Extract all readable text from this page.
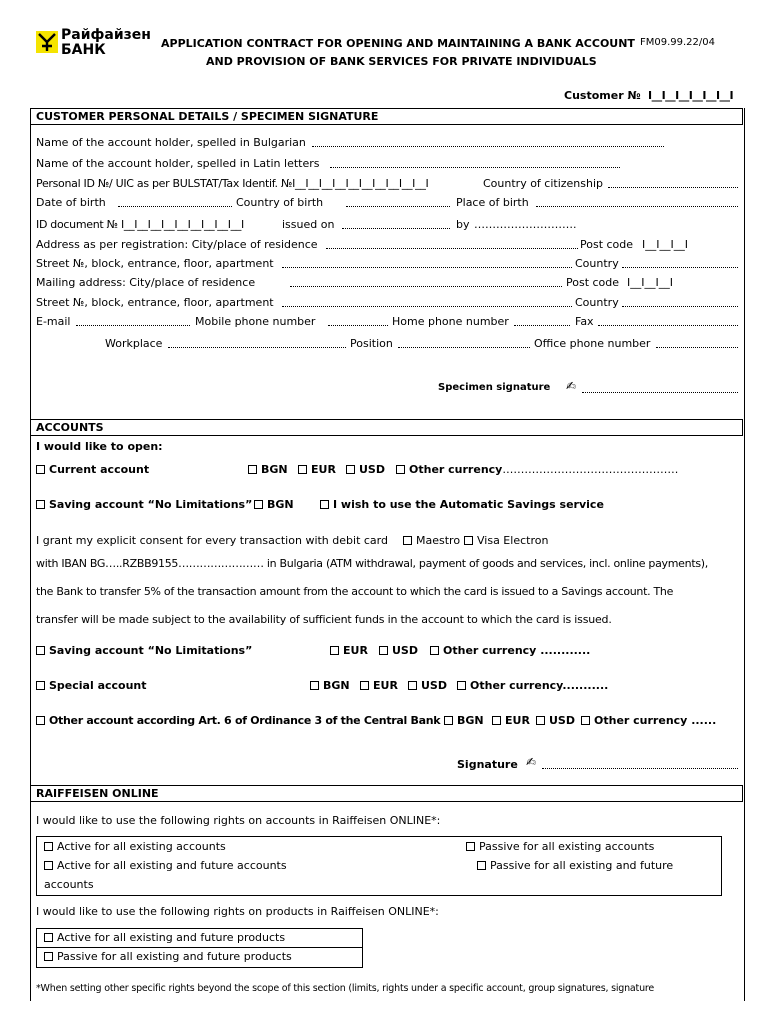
Райфайзен
БАНК	APPLICATION CONTRACT FOR OPENING AND MAINTAINING A BANK ACCOUNT FM09.99.22/04
AND PROVISION OF BANK SERVICES FOR PRIVATE INDIVIDUALS
Customer № I__I__I__I__I__I__I
CUSTOMER PERSONAL DETAILS / SPECIMEN SIGNATURE
Name of the account holder, spelled in Bulgarian
Name of the account holder, spelled in Latin letters
Personal ID №/ UIC as per BULSTAT/Tax Identif. №I__I__I__I__I__I__I__I__I__I__I	Country of citizenship
Date of birth	Country of birth	Place of birth
ID document № I__I__I__I__I__I__I__I__I__I	issued on	by ……………………….
Address as per registration: City/place of residence	Post code I__I__I__I
Street №, block, entrance, floor, apartment	Country
Mailing address: City/place of residence	Post code I__I__I__I
Street №, block, entrance, floor, apartment	Country
E-mail	Mobile phone number	Home phone number	Fax
Workplace	Position	Office phone number
Specimen signature ✍
ACCOUNTS
I would like to open:
Current account	BGN	EUR	USD	Other currency…………………………………………
Saving account “No Limitations”	BGN	I wish to use the Automatic Savings service
I grant my explicit consent for every transaction with debit card	Maestro	Visa Electron
with IBAN BG…..RZBB9155…………………… in Bulgaria (ATM withdrawal, payment of goods and services, incl. online payments),
the Bank to transfer 5% of the transaction amount from the account to which the card is issued to a Savings account. The
transfer will be made subject to the availability of sufficient funds in the account to which the card is issued.
Saving account “No Limitations”	EUR	USD	Other currency ............
Special account	BGN	EUR	USD	Other currency...........
Other account according Art. 6 of Ordinance 3 of the Central Bank	BGN	EUR	USD	Other currency ......
Signature ✍
RAIFFEISEN ONLINE
I would like to use the following rights on accounts in Raiffeisen ONLINE*:
Active for all existing accounts	Passive for all existing accounts
Active for all existing and future accounts	Passive for all existing and future
accounts
I would like to use the following rights on products in Raiffeisen ONLINE*:
Active for all existing and future products
Passive for all existing and future products
*When setting other specific rights beyond the scope of this section (limits, rights under a specific account, group signatures, signature
